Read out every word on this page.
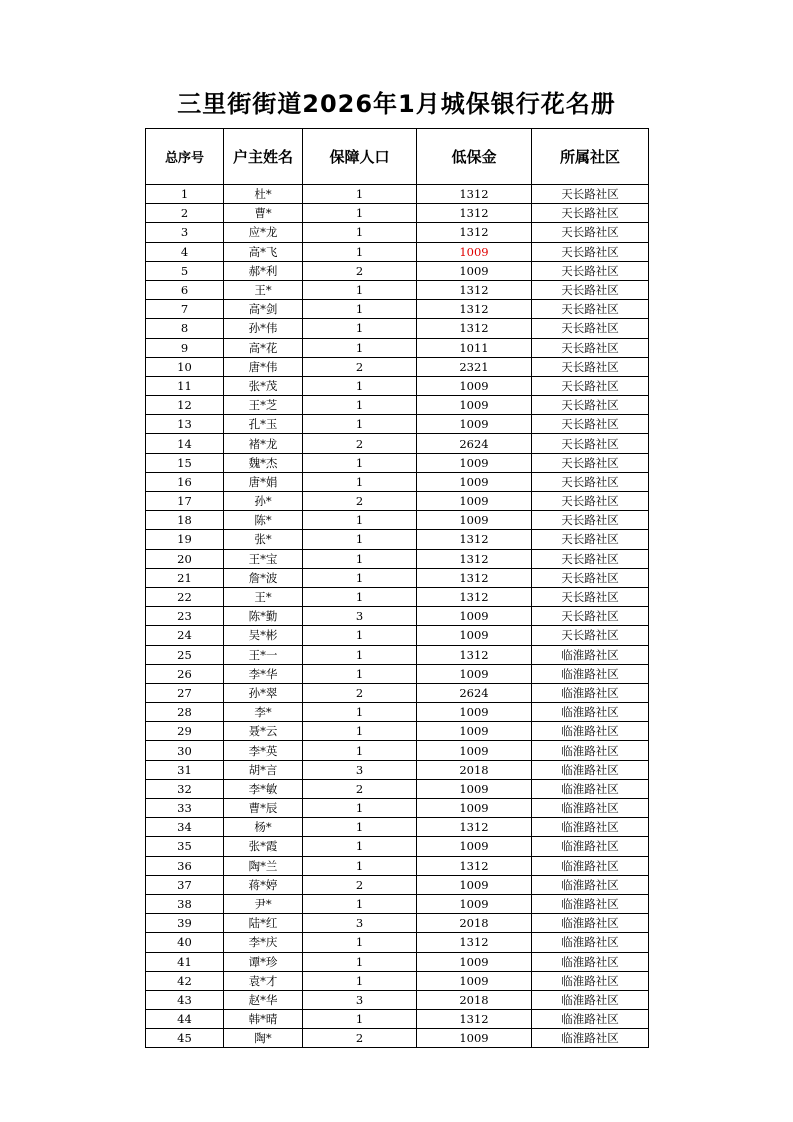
三里街街道2026年1月城保银行花名册
总序号	户主姓名	保障人口	低保金	所属社区
1	杜*	1	1312	天长路社区
2	曹*	1	1312	天长路社区
3	应*龙	1	1312	天长路社区
4	高*飞	1	1009	天长路社区
5	郝*利	2	1009	天长路社区
6	王*	1	1312	天长路社区
7	高*剑	1	1312	天长路社区
8	孙*伟	1	1312	天长路社区
9	高*花	1	1011	天长路社区
10	唐*伟	2	2321	天长路社区
11	张*茂	1	1009	天长路社区
12	王*芝	1	1009	天长路社区
13	孔*玉	1	1009	天长路社区
14	褚*龙	2	2624	天长路社区
15	魏*杰	1	1009	天长路社区
16	唐*娟	1	1009	天长路社区
17	孙*	2	1009	天长路社区
18	陈*	1	1009	天长路社区
19	张*	1	1312	天长路社区
20	王*宝	1	1312	天长路社区
21	詹*波	1	1312	天长路社区
22	王*	1	1312	天长路社区
23	陈*勤	3	1009	天长路社区
24	吴*彬	1	1009	天长路社区
25	王*一	1	1312	临淮路社区
26	李*华	1	1009	临淮路社区
27	孙*翠	2	2624	临淮路社区
28	李*	1	1009	临淮路社区
29	聂*云	1	1009	临淮路社区
30	李*英	1	1009	临淮路社区
31	胡*言	3	2018	临淮路社区
32	李*敏	2	1009	临淮路社区
33	曹*辰	1	1009	临淮路社区
34	杨*	1	1312	临淮路社区
35	张*霞	1	1009	临淮路社区
36	陶*兰	1	1312	临淮路社区
37	蒋*婷	2	1009	临淮路社区
38	尹*	1	1009	临淮路社区
39	陆*红	3	2018	临淮路社区
40	李*庆	1	1312	临淮路社区
41	谭*珍	1	1009	临淮路社区
42	袁*才	1	1009	临淮路社区
43	赵*华	3	2018	临淮路社区
44	韩*晴	1	1312	临淮路社区
45	陶*	2	1009	临淮路社区
